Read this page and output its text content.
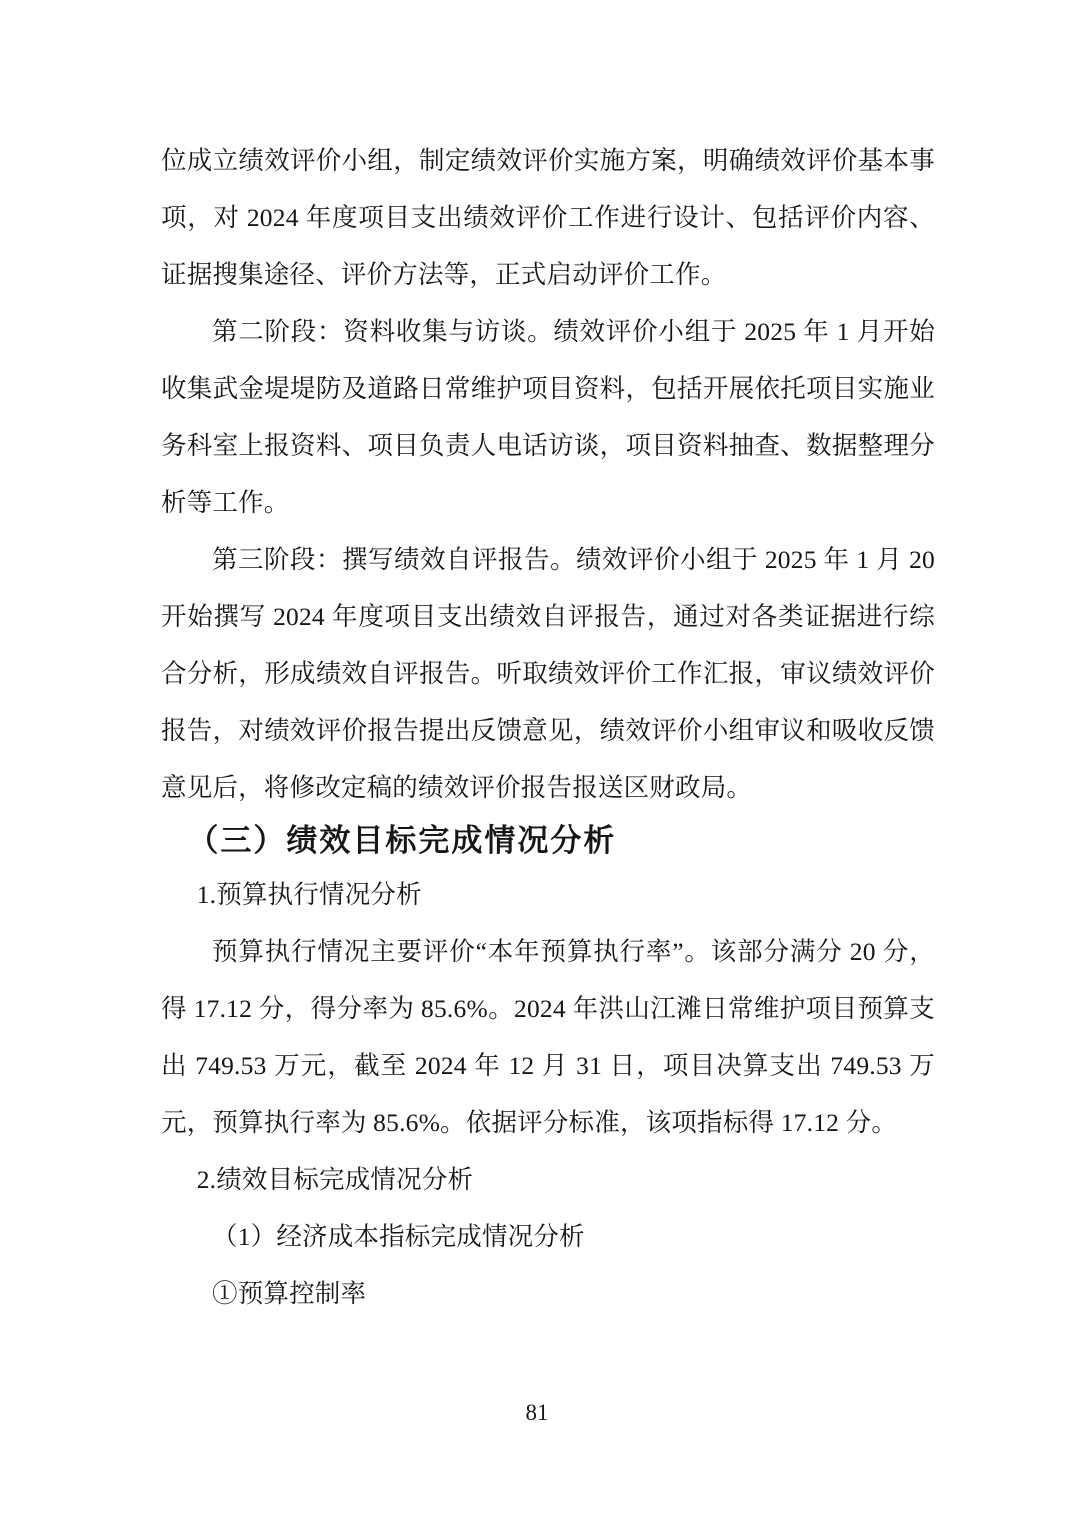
位成立绩效评价小组，制定绩效评价实施方案，明确绩效评价基本事
项，对 2024 年度项目支出绩效评价工作进行设计、包括评价内容、
证据搜集途径、评价方法等，正式启动评价工作。
第二阶段：资料收集与访谈。绩效评价小组于 2025 年 1 月开始
收集武金堤堤防及道路日常维护项目资料，包括开展依托项目实施业
务科室上报资料、项目负责人电话访谈，项目资料抽查、数据整理分
析等工作。
第三阶段：撰写绩效自评报告。绩效评价小组于 2025 年 1 月 20
开始撰写 2024 年度项目支出绩效自评报告，通过对各类证据进行综
合分析，形成绩效自评报告。听取绩效评价工作汇报，审议绩效评价
报告，对绩效评价报告提出反馈意见，绩效评价小组审议和吸收反馈
意见后，将修改定稿的绩效评价报告报送区财政局。
（三）绩效目标完成情况分析
1.预算执行情况分析
预算执行情况主要评价“本年预算执行率”。该部分满分 20 分，
得 17.12 分，得分率为 85.6%。2024 年洪山江滩日常维护项目预算支
出 749.53 万元，截至 2024 年 12 月 31 日，项目决算支出 749.53 万
元，预算执行率为 85.6%。依据评分标准，该项指标得 17.12 分。
2.绩效目标完成情况分析
（1）经济成本指标完成情况分析
①预算控制率
81
